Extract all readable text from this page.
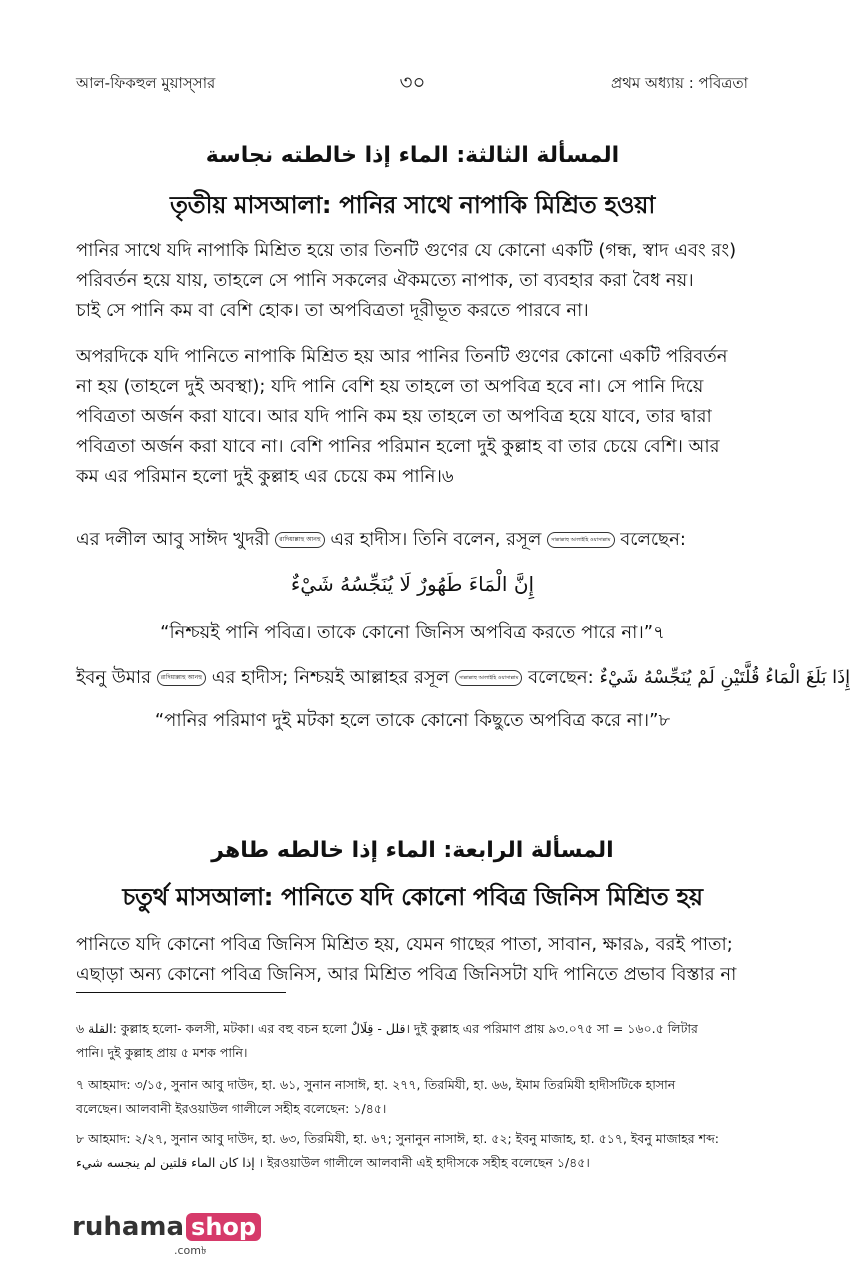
আল-ফিকহুল মুয়াস্‌সার	৩০	প্রথম অধ্যায় : পবিত্রতা
المسألة الثالثة: الماء إذا خالطته نجاسة
তৃতীয় মাসআলা: পানির সাথে নাপাকি মিশ্রিত হওয়া
পানির সাথে যদি নাপাকি মিশ্রিত হয়ে তার তিনটি গুণের যে কোনো একটি (গন্ধ, স্বাদ এবং রং)
পরিবর্তন হয়ে যায়, তাহলে সে পানি সকলের ঐকমত্যে নাপাক, তা ব্যবহার করা বৈধ নয়।
চাই সে পানি কম বা বেশি হোক। তা অপবিত্রতা দূরীভূত করতে পারবে না।
অপরদিকে যদি পানিতে নাপাকি মিশ্রিত হয় আর পানির তিনটি গুণের কোনো একটি পরিবর্তন
না হয় (তাহলে দুই অবস্থা); যদি পানি বেশি হয় তাহলে তা অপবিত্র হবে না। সে পানি দিয়ে
পবিত্রতা অর্জন করা যাবে। আর যদি পানি কম হয় তাহলে তা অপবিত্র হয়ে যাবে, তার দ্বারা
পবিত্রতা অর্জন করা যাবে না। বেশি পানির পরিমান হলো দুই কুল্লাহ বা তার চেয়ে বেশি। আর
কম এর পরিমান হলো দুই কুল্লাহ এর চেয়ে কম পানি।৬
এর দলীল আবু সাঈদ খুদরী রাদিয়াল্লাহু আনহু এর হাদীস। তিনি বলেন, রসূল সাল্লাল্লাহু আলাইহি ওয়াসাল্লাম বলেছেন:
إِنَّ الْمَاءَ طَهُورٌ لَا يُنَجِّسُهُ شَيْءٌ
“নিশ্চয়ই পানি পবিত্র। তাকে কোনো জিনিস অপবিত্র করতে পারে না।”৭
ইবনু উমার রাদিয়াল্লাহু আনহু এর হাদীস; নিশ্চয়ই আল্লাহর রসূল সাল্লাল্লাহু আলাইহি ওয়াসাল্লাম বলেছেন: إِذَا بَلَغَ الْمَاءُ قُلَّتَيْنِ لَمْ يُنَجِّسْهُ شَيْءٌ
“পানির পরিমাণ দুই মটকা হলে তাকে কোনো কিছুতে অপবিত্র করে না।”৮
المسألة الرابعة: الماء إذا خالطه طاهر
চতুর্থ মাসআলা: পানিতে যদি কোনো পবিত্র জিনিস মিশ্রিত হয়
পানিতে যদি কোনো পবিত্র জিনিস মিশ্রিত হয়, যেমন গাছের পাতা, সাবান, ক্ষার৯, বরই পাতা;
এছাড়া অন্য কোনো পবিত্র জিনিস, আর মিশ্রিত পবিত্র জিনিসটা যদি পানিতে প্রভাব বিস্তার না
৬ القلة: কুল্লাহ হলো- কলসী, মটকা। এর বহু বচন হলো قلل - قِلَالٌ। দুই কুল্লাহ এর পরিমাণ প্রায় ৯৩.০৭৫ সা = ১৬০.৫ লিটার
পানি। দুই কুল্লাহ প্রায় ৫ মশক পানি।
৭ আহমাদ: ৩/১৫, সুনান আবু দাউদ, হা. ৬১, সুনান নাসাঈ, হা. ২৭৭, তিরমিযী, হা. ৬৬, ইমাম তিরমিযী হাদীসটিকে হাসান
বলেছেন। আলবানী ইরওয়াউল গালীলে সহীহ বলেছেন: ১/৪৫।
৮ আহমাদ: ২/২৭, সুনান আবু দাউদ, হা. ৬৩, তিরমিযী, হা. ৬৭; সুনানুন নাসাঈ, হা. ৫২; ইবনু মাজাহ, হা. ৫১৭, ইবনু মাজাহর শব্দ:
إذا كان الماء قلتين لم ينجسه شيء । ইরওয়াউল গালীলে আলবানী এই হাদীসকে সহীহ বলেছেন ১/৪৫।
ruhama shop
.com৳
